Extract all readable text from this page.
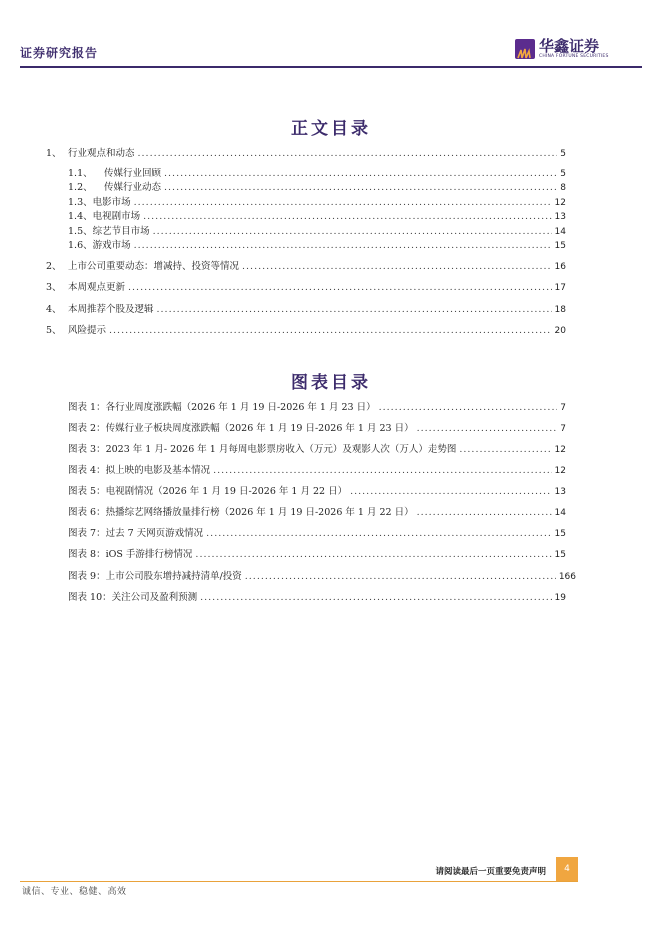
证券研究报告	华鑫证券
CHINA FORTUNE SECURITIES
正文目录
1、 行业观点和动态 .....	5
1.1、 传媒行业回顾 .....	5
1.2、 传媒行业动态 .....	8
1.3、电影市场 .....	12
1.4、电视剧市场 .....	13
1.5、综艺节目市场 .....	14
1.6、游戏市场 .....	15
2、 上市公司重要动态：增减持、投资等情况 .....	16
3、 本周观点更新 .....	17
4、 本周推荐个股及逻辑 .....	18
5、 风险提示 .....	20
图表目录
图表 1：各行业周度涨跌幅（2026 年 1 月 19 日-2026 年 1 月 23 日） .....	7
图表 2：传媒行业子板块周度涨跌幅（2026 年 1 月 19 日-2026 年 1 月 23 日） .....	7
图表 3：2023 年 1 月- 2026 年 1 月每周电影票房收入（万元）及观影人次（万人）走势图 .....	12
图表 4：拟上映的电影及基本情况 .....	12
图表 5：电视剧情况（2026 年 1 月 19 日-2026 年 1 月 22 日） .....	13
图表 6：热播综艺网络播放量排行榜（2026 年 1 月 19 日-2026 年 1 月 22 日） .....	14
图表 7：过去 7 天网页游戏情况 .....	15
图表 8：iOS 手游排行榜情况 .....	15
图表 9：上市公司股东增持减持清单/投资 .....	166
图表 10：关注公司及盈利预测 .....	19
请阅读最后一页重要免责声明	4
诚信、专业、稳健、高效
